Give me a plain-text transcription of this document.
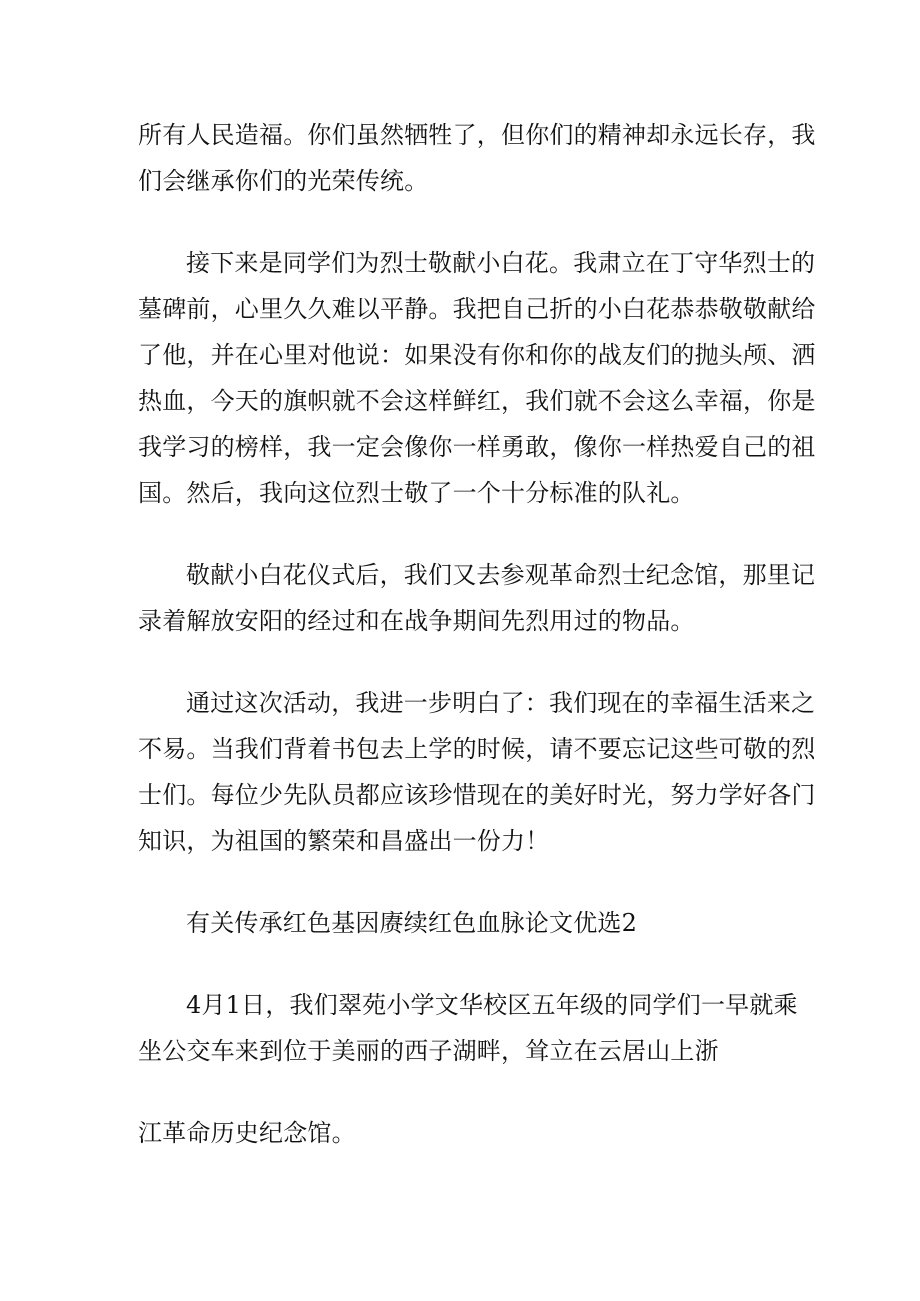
所有人民造福。你们虽然牺牲了，但你们的精神却永远长存，我
们会继承你们的光荣传统。
接下来是同学们为烈士敬献小白花。我肃立在丁守华烈士的
墓碑前，心里久久难以平静。我把自己折的小白花恭恭敬敬献给
了他，并在心里对他说：如果没有你和你的战友们的抛头颅、洒
热血，今天的旗帜就不会这样鲜红，我们就不会这么幸福，你是
我学习的榜样，我一定会像你一样勇敢，像你一样热爱自己的祖
国。然后，我向这位烈士敬了一个十分标准的队礼。
敬献小白花仪式后，我们又去参观革命烈士纪念馆，那里记
录着解放安阳的经过和在战争期间先烈用过的物品。
通过这次活动，我进一步明白了：我们现在的幸福生活来之
不易。当我们背着书包去上学的时候，请不要忘记这些可敬的烈
士们。每位少先队员都应该珍惜现在的美好时光，努力学好各门
知识，为祖国的繁荣和昌盛出一份力！
有关传承红色基因赓续红色血脉论文优选2
4月1日，我们翠苑小学文华校区五年级的同学们一早就乘
坐公交车来到位于美丽的西子湖畔，耸立在云居山上浙
江革命历史纪念馆。
